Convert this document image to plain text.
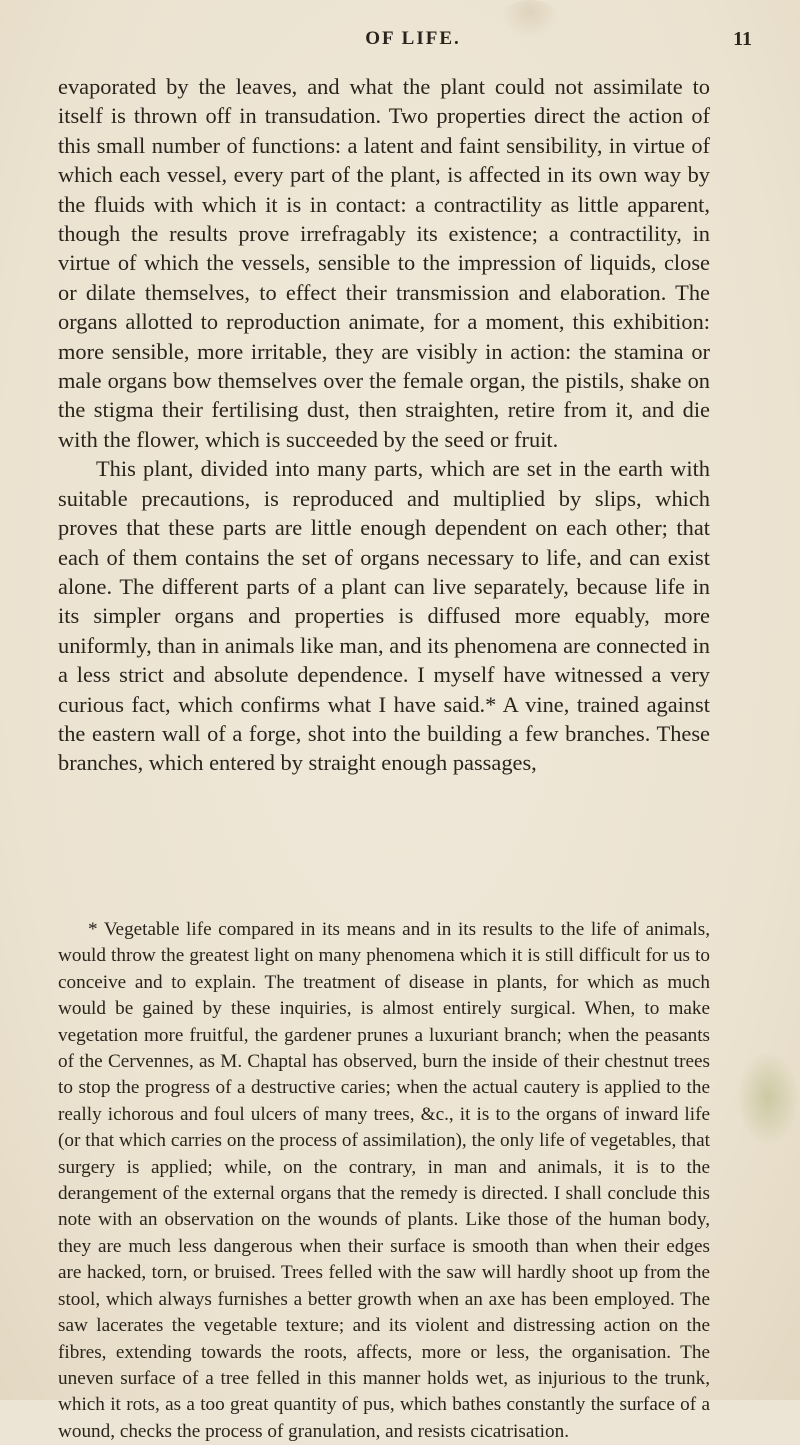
OF LIFE.	11

evaporated by the leaves, and what the plant could not assimilate to itself is thrown off in transudation. Two properties direct the action of this small number of functions: a latent and faint sensibility, in virtue of which each vessel, every part of the plant, is affected in its own way by the fluids with which it is in contact: a contractility as little apparent, though the results prove irrefragably its existence; a contractility, in virtue of which the vessels, sensible to the impression of liquids, close or dilate themselves, to effect their transmission and elaboration. The organs allotted to reproduction animate, for a moment, this exhibition: more sensible, more irritable, they are visibly in action: the stamina or male organs bow themselves over the female organ, the pistils, shake on the stigma their fertilising dust, then straighten, retire from it, and die with the flower, which is succeeded by the seed or fruit.

This plant, divided into many parts, which are set in the earth with suitable precautions, is reproduced and multiplied by slips, which proves that these parts are little enough dependent on each other; that each of them contains the set of organs necessary to life, and can exist alone. The different parts of a plant can live separately, because life in its simpler organs and properties is diffused more equably, more uniformly, than in animals like man, and its phenomena are connected in a less strict and absolute dependence. I myself have witnessed a very curious fact, which confirms what I have said.* A vine, trained against the eastern wall of a forge, shot into the building a few branches. These branches, which entered by straight enough passages,

* Vegetable life compared in its means and in its results to the life of animals, would throw the greatest light on many phenomena which it is still difficult for us to conceive and to explain. The treatment of disease in plants, for which as much would be gained by these inquiries, is almost entirely surgical. When, to make vegetation more fruitful, the gardener prunes a luxuriant branch; when the peasants of the Cervennes, as M. Chaptal has observed, burn the inside of their chestnut trees to stop the progress of a destructive caries; when the actual cautery is applied to the really ichorous and foul ulcers of many trees, &c., it is to the organs of inward life (or that which carries on the process of assimilation), the only life of vegetables, that surgery is applied; while, on the contrary, in man and animals, it is to the derangement of the external organs that the remedy is directed. I shall conclude this note with an observation on the wounds of plants. Like those of the human body, they are much less dangerous when their surface is smooth than when their edges are hacked, torn, or bruised. Trees felled with the saw will hardly shoot up from the stool, which always furnishes a better growth when an axe has been employed. The saw lacerates the vegetable texture; and its violent and distressing action on the fibres, extending towards the roots, affects, more or less, the organisation. The uneven surface of a tree felled in this manner holds wet, as injurious to the trunk, which it rots, as a too great quantity of pus, which bathes constantly the surface of a wound, checks the process of granulation, and resists cicatrisation.
